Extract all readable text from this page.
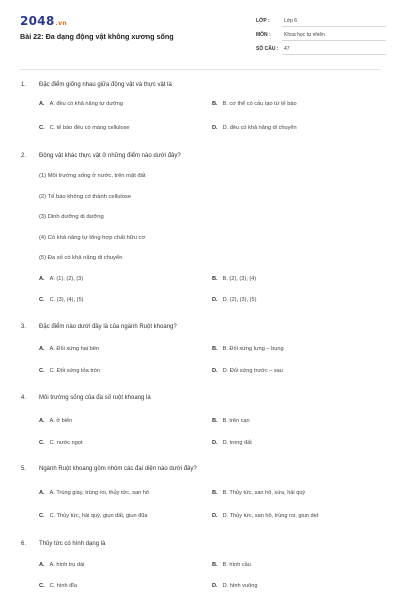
2048.vn
Bài 22: Đa dạng động vật không xương sống
LỚP :	Lớp 6
MÔN :	Khoa học tự nhiên
SỐ CÂU : 47
1. Đặc điểm giống nhau giữa động vật và thực vật là
A. A. đều có khả năng tự dưỡng	B. B. cơ thể có cấu tạo từ tế bào
C. C. tế bào đều có màng cellulose	D. D. đều có khả năng di chuyển
2. Động vật khác thực vật ở những điểm nào dưới đây?
(1) Môi trường sống ở nước, trên mặt đất
(2) Tế bào không có thành cellulose
(3) Dinh dưỡng dị dưỡng
(4) Có khả năng tự tổng hợp chất hữu cơ
(5) Đa số có khả năng di chuyển
A. A. (1), (2), (3)	B. B. (2), (3), (4)
C. C. (3), (4), (5)	D. D. (2), (3), (5)
3. Đặc điểm nào dưới đây là của ngành Ruột khoang?
A. A. Đối xứng hai bên	B. B. Đối xứng lưng – bụng
C. C. Đối xứng tỏa tròn	D. D. Đối xứng trước – sau
4. Môi trường sống của đa số ruột khoang là
A. A. ở biển	B. B. trên cạn
C. C. nước ngọt	D. D. trong đất
5. Ngành Ruột khoang gồm nhóm các đại diện nào dưới đây?
A. A. Trùng giày, trùng roi, thủy tức, san hô	B. B. Thủy tức, san hô, sứa, hải quỳ
C. C. Thủy tức, hải quỳ, giun đất, giun đũa	D. D. Thủy tức, san hô, trùng roi, giun dẹt
6. Thủy tức có hình dạng là
A. A. hình trụ dài	B. B. hình cầu
C. C. hình đĩa	D. D. hình vuông
